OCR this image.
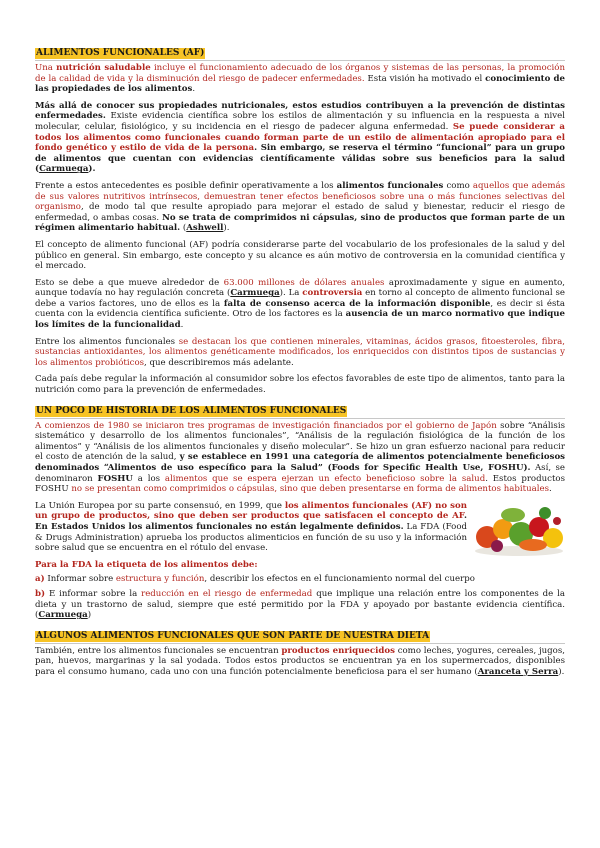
ALIMENTOS FUNCIONALES (AF)

Una nutrición saludable incluye el funcionamiento adecuado de los órganos y sistemas de las personas, la promoción de la calidad de vida y la disminución del riesgo de padecer enfermedades. Esta visión ha motivado el conocimiento de las propiedades de los alimentos.

Más allá de conocer sus propiedades nutricionales, estos estudios contribuyen a la prevención de distintas enfermedades. Existe evidencia científica sobre los estilos de alimentación y su influencia en la respuesta a nivel molecular, celular, fisiológico, y su incidencia en el riesgo de padecer alguna enfermedad. Se puede considerar a todos los alimentos como funcionales cuando forman parte de un estilo de alimentación apropiado para el fondo genético y estilo de vida de la persona. Sin embargo, se reserva el término “funcional” para un grupo de alimentos que cuentan con evidencias científicamente válidas sobre sus beneficios para la salud (Carmuega).

Frente a estos antecedentes es posible definir operativamente a los alimentos funcionales como aquellos que además de sus valores nutritivos intrínsecos, demuestran tener efectos beneficiosos sobre una o más funciones selectivas del organismo, de modo tal que resulte apropiado para mejorar el estado de salud y bienestar, reducir el riesgo de enfermedad, o ambas cosas. No se trata de comprimidos ni cápsulas, sino de productos que forman parte de un régimen alimentario habitual. (Ashwell).

El concepto de alimento funcional (AF) podría considerarse parte del vocabulario de los profesionales de la salud y del público en general. Sin embargo, este concepto y su alcance es aún motivo de controversia en la comunidad científica y el mercado.

Esto se debe a que mueve alrededor de 63.000 millones de dólares anuales aproximadamente y sigue en aumento, aunque todavía no hay regulación concreta (Carmuega). La controversia en torno al concepto de alimento funcional se debe a varios factores, uno de ellos es la falta de consenso acerca de la información disponible, es decir si ésta cuenta con la evidencia científica suficiente. Otro de los factores es la ausencia de un marco normativo que indique los límites de la funcionalidad.

Entre los alimentos funcionales se destacan los que contienen minerales, vitaminas, ácidos grasos, fitoesteroles, fibra, sustancias antioxidantes, los alimentos genéticamente modificados, los enriquecidos con distintos tipos de sustancias y los alimentos probióticos, que describiremos más adelante.

Cada país debe regular la información al consumidor sobre los efectos favorables de este tipo de alimentos, tanto para la nutrición como para la prevención de enfermedades.

UN POCO DE HISTORIA DE LOS ALIMENTOS FUNCIONALES

A comienzos de 1980 se iniciaron tres programas de investigación financiados por el gobierno de Japón sobre “Análisis sistemático y desarrollo de los alimentos funcionales”, “Análisis de la regulación fisiológica de la función de los alimentos” y “Análisis de los alimentos funcionales y diseño molecular”. Se hizo un gran esfuerzo nacional para reducir el costo de atención de la salud, y se establece en 1991 una categoría de alimentos potencialmente beneficiosos denominados “Alimentos de uso específico para la Salud” (Foods for Specific Health Use, FOSHU). Así, se denominaron FOSHU a los alimentos que se espera ejerzan un efecto beneficioso sobre la salud. Estos productos FOSHU no se presentan como comprimidos o cápsulas, sino que deben presentarse en forma de alimentos habituales.

La Unión Europea por su parte consensuó, en 1999, que los alimentos funcionales (AF) no son un grupo de productos, sino que deben ser productos que satisfacen el concepto de AF. En Estados Unidos los alimentos funcionales no están legalmente definidos. La FDA (Food & Drugs Administration) aprueba los productos alimenticios en función de su uso y la información sobre salud que se encuentra en el rótulo del envase.

Para la FDA la etiqueta de los alimentos debe:

a) Informar sobre estructura y función, describir los efectos en el funcionamiento normal del cuerpo

b) E informar sobre la reducción en el riesgo de enfermedad que implique una relación entre los componentes de la dieta y un trastorno de salud, siempre que esté permitido por la FDA y apoyado por bastante evidencia científica. (Carmuega)

ALGUNOS ALIMENTOS FUNCIONALES QUE SON PARTE DE NUESTRA DIETA

También, entre los alimentos funcionales se encuentran productos enriquecidos como leches, yogures, cereales, jugos, pan, huevos, margarinas y la sal yodada. Todos estos productos se encuentran ya en los supermercados, disponibles para el consumo humano, cada uno con una función potencialmente beneficiosa para el ser humano (Aranceta y Serra).
